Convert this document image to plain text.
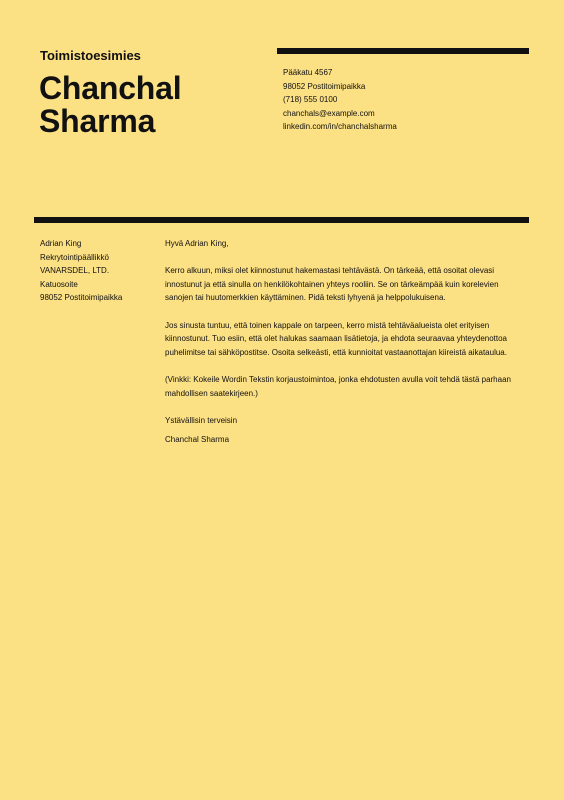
Toimistoesimies
Chanchal
Sharma
Pääkatu 4567
98052 Postitoimipaikka
(718) 555 0100
chanchals@example.com
linkedin.com/in/chanchalsharma
Adrian King
Rekrytointipäällikkö
VANARSDEL, LTD.
Katuosoite
98052 Postitoimipaikka

Hyvä Adrian King,

Kerro alkuun, miksi olet kiinnostunut hakemastasi tehtävästä. On tärkeää, että osoitat olevasi innostunut ja että sinulla on henkilökohtainen yhteys rooliin. Se on tärkeämpää kuin korelevien sanojen tai huutomerkkien käyttäminen. Pidä teksti lyhyenä ja helppolukuisena.

Jos sinusta tuntuu, että toinen kappale on tarpeen, kerro mistä tehtäväalueista olet erityisen kiinnostunut. Tuo esiin, että olet halukas saamaan lisätietoja, ja ehdota seuraavaa yhteydenottoa puhelimitse tai sähköpostitse. Osoita selkeästi, että kunnioitat vastaanottajan kiireistä aikataulua.

(Vinkki: Kokeile Wordin Tekstin korjaustoimintoa, jonka ehdotusten avulla voit tehdä tästä parhaan mahdollisen saatekirjeen.)

Ystävällisin terveisin

Chanchal Sharma
